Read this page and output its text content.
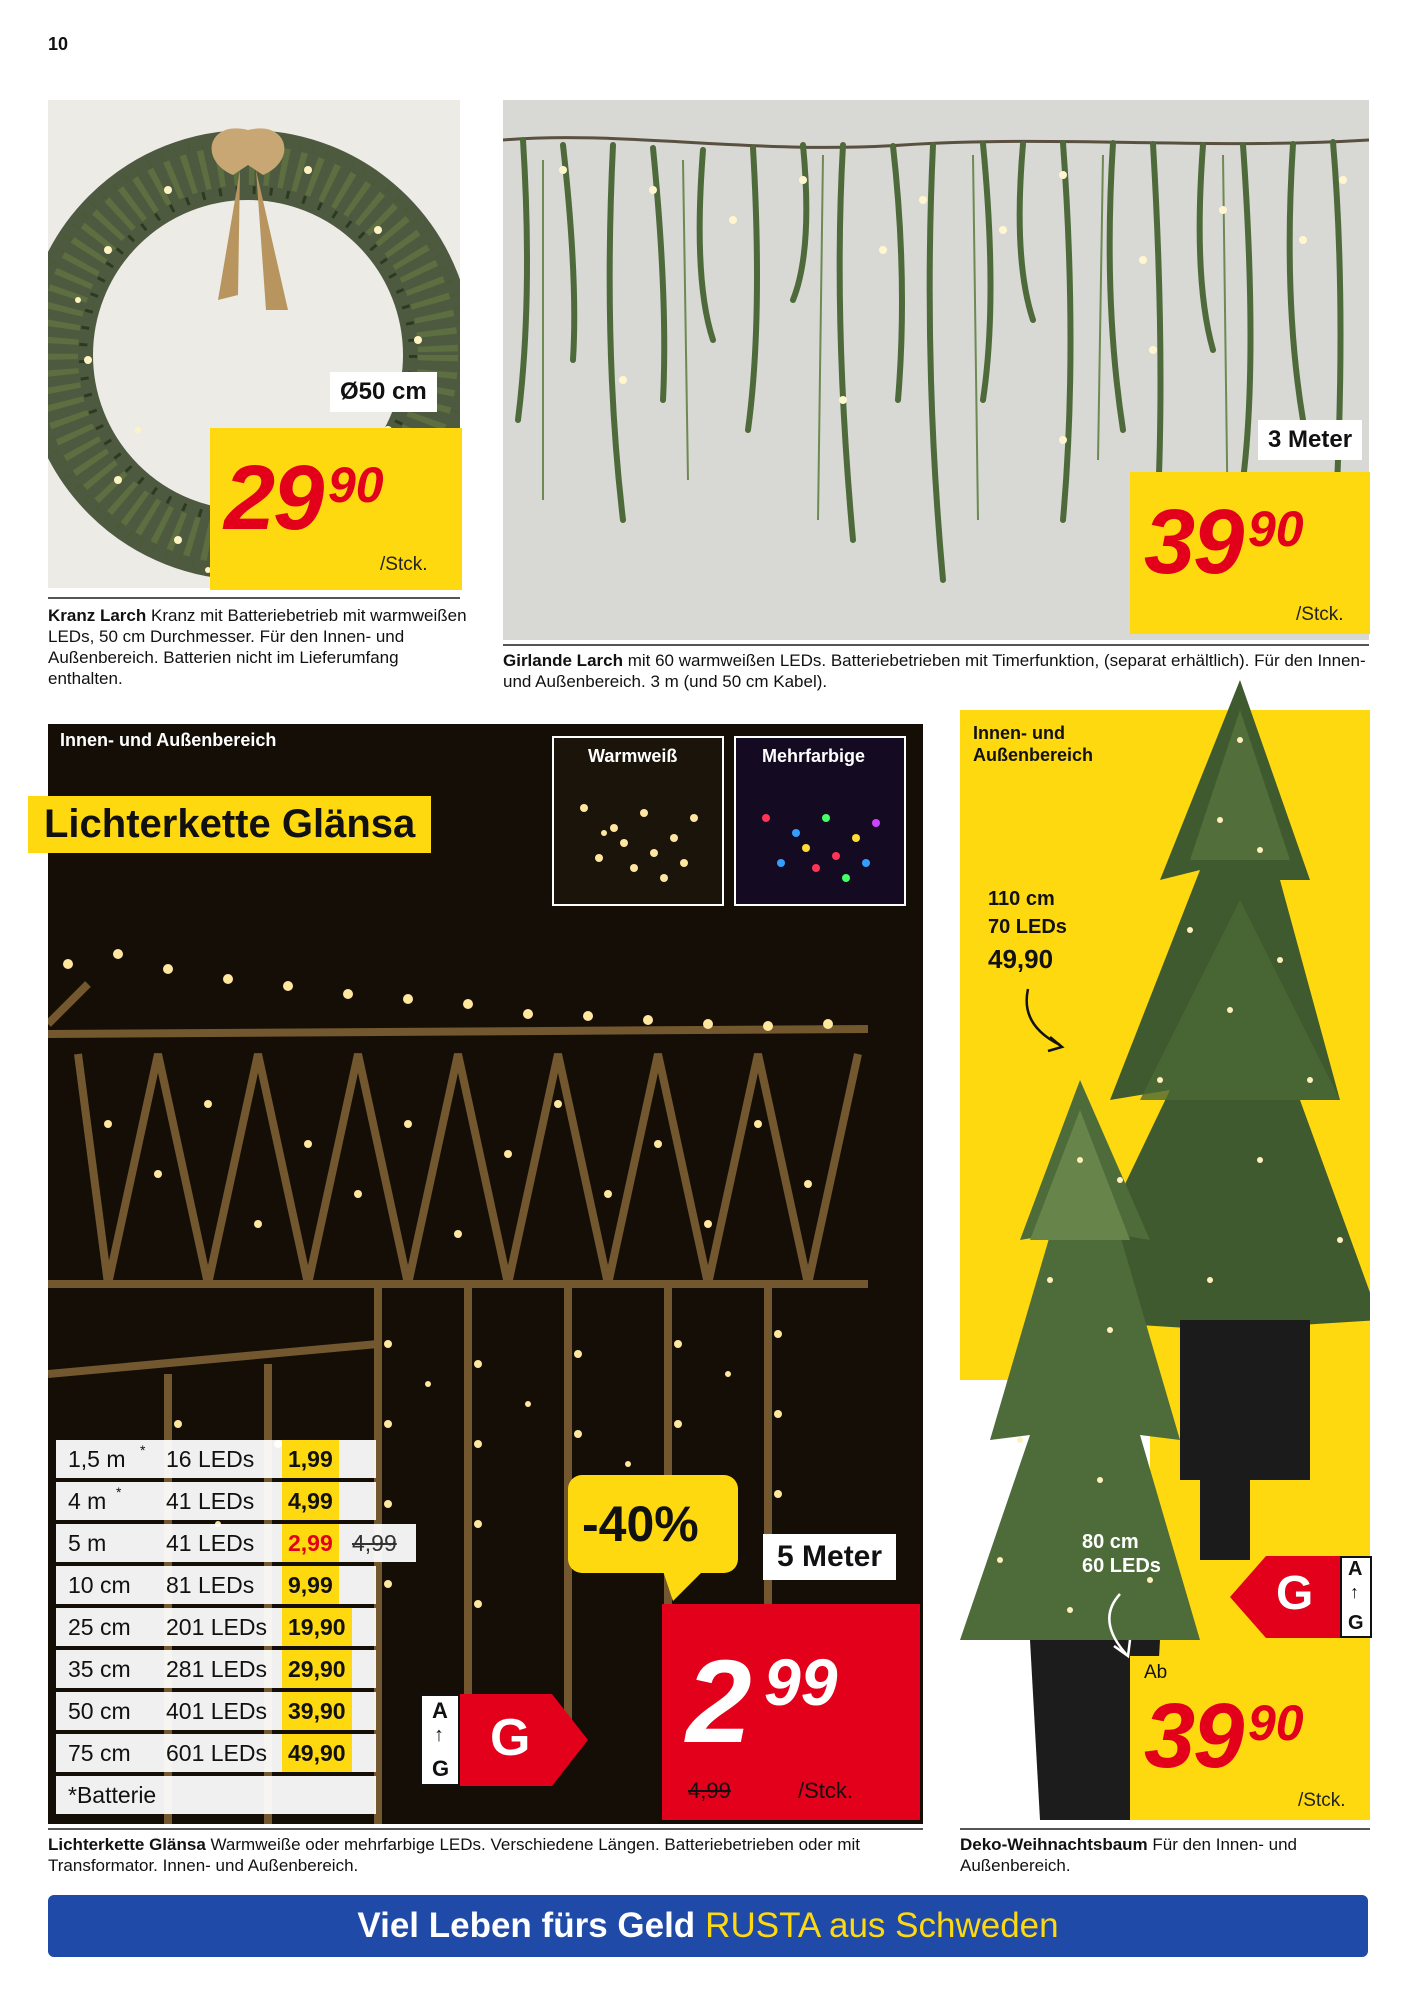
10
Ø50 cm
29 90
/Stck.
Kranz Larch Kranz mit Batteriebetrieb mit warmweißen LEDs, 50 cm Durchmesser. Für den Innen- und Außenbereich. Batterien nicht im Lieferumfang enthalten.
3 Meter
39 90
/Stck.
Girlande Larch mit 60 warmweißen LEDs. Batteriebetrieben mit Timerfunktion, (separat erhältlich). Für den Innen- und Außenbereich. 3 m (und 50 cm Kabel).
Innen- und Außenbereich
Lichterkette Glänsa
Warmweiß	Mehrfarbige
1,5 m * 16 LEDs 1,99
4 m * 41 LEDs 4,99
5 m	41 LEDs 2,99 4,99
10 cm 81 LEDs 9,99
25 cm 201 LEDs 19,90
35 cm 281 LEDs 29,90
50 cm 401 LEDs 39,90
75 cm 601 LEDs 49,90
*Batterie
A
↑
G
G
-40%
5 Meter
2 99
4,99	/Stck.
Lichterkette Glänsa Warmweiße oder mehrfarbige LEDs. Verschiedene Längen. Batteriebetrieben oder mit Transformator. Innen- und Außenbereich.
Innen- und
Außenbereich
110 cm
70 LEDs
49,90
80 cm
60 LEDs
G A
↑
G
Ab
39 90
/Stck.
Deko-Weihnachtsbaum Für den Innen- und Außenbereich.
Viel Leben fürs Geld RUSTA aus Schweden
